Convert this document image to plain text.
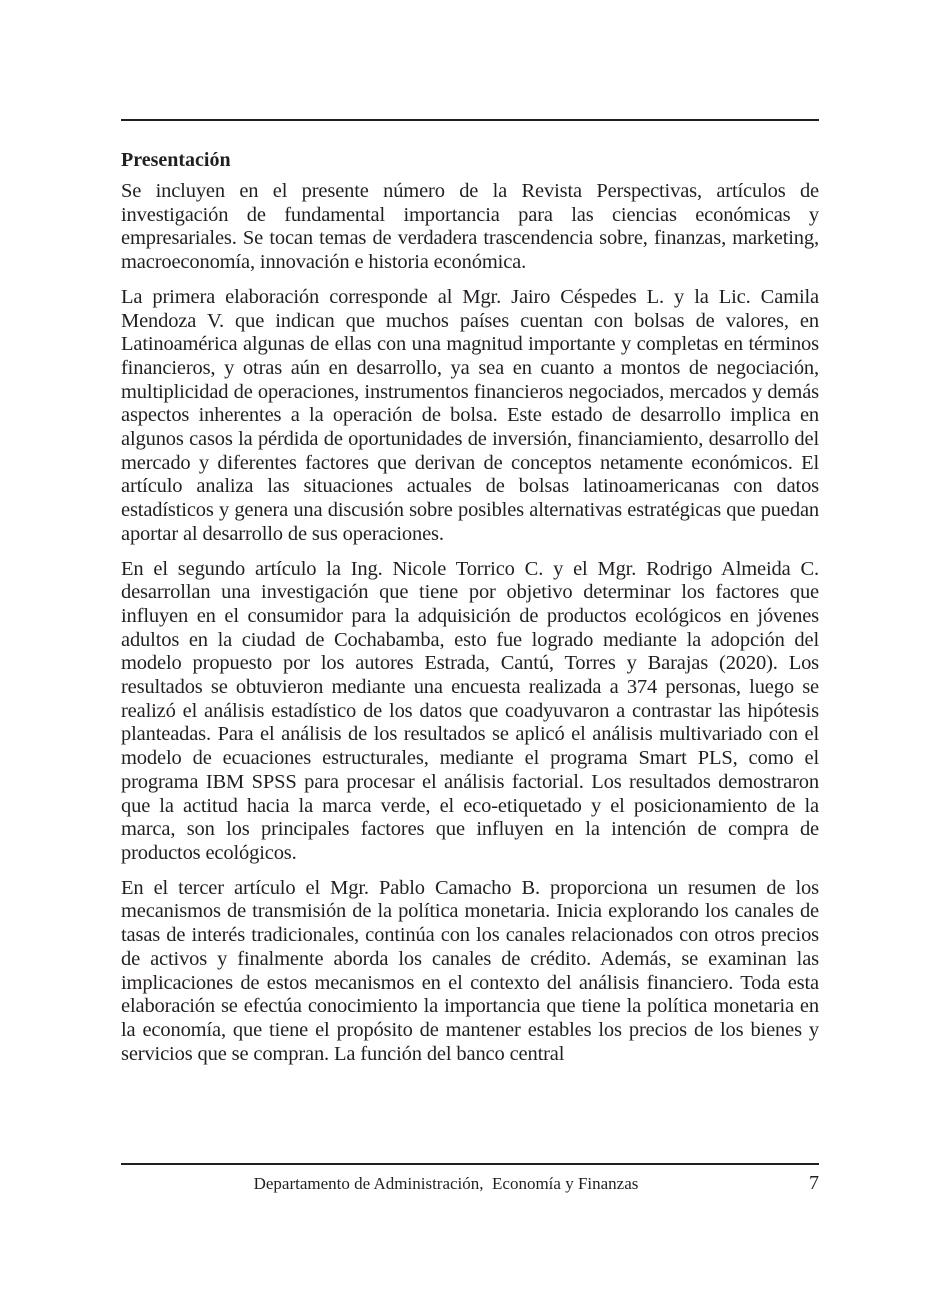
Presentación

Se incluyen en el presente número de la Revista Perspectivas, artículos de investigación de fundamental importancia para las ciencias económicas y empresariales. Se tocan temas de verdadera trascendencia sobre, finanzas, marketing, macroeconomía, innovación e historia económica.

La primera elaboración corresponde al Mgr. Jairo Céspedes L. y la Lic. Camila Mendoza V. que indican que muchos países cuentan con bolsas de valores, en Latinoamérica algunas de ellas con una magnitud importante y completas en términos financieros, y otras aún en desarrollo, ya sea en cuanto a montos de negociación, multiplicidad de operaciones, instrumentos financieros negociados, mercados y demás aspectos inherentes a la operación de bolsa. Este estado de desarrollo implica en algunos casos la pérdida de oportunidades de inversión, financiamiento, desarrollo del mercado y diferentes factores que derivan de conceptos netamente económicos. El artículo analiza las situaciones actuales de bolsas latinoamericanas con datos estadísticos y genera una discusión sobre posibles alternativas estratégicas que puedan aportar al desarrollo de sus operaciones.

En el segundo artículo la Ing. Nicole Torrico C. y el Mgr. Rodrigo Almeida C. desarrollan una investigación que tiene por objetivo determinar los factores que influyen en el consumidor para la adquisición de productos ecológicos en jóvenes adultos en la ciudad de Cochabamba, esto fue logrado mediante la adopción del modelo propuesto por los autores Estrada, Cantú, Torres y Barajas (2020). Los resultados se obtuvieron mediante una encuesta realizada a 374 personas, luego se realizó el análisis estadístico de los datos que coadyuvaron a contrastar las hipótesis planteadas. Para el análisis de los resultados se aplicó el análisis multivariado con el modelo de ecuaciones estructurales, mediante el programa Smart PLS, como el programa IBM SPSS para procesar el análisis factorial. Los resultados demostraron que la actitud hacia la marca verde, el eco-etiquetado y el posicionamiento de la marca, son los principales factores que influyen en la intención de compra de productos ecológicos.

En el tercer artículo el Mgr. Pablo Camacho B. proporciona un resumen de los mecanismos de transmisión de la política monetaria. Inicia explorando los canales de tasas de interés tradicionales, continúa con los canales relacionados con otros precios de activos y finalmente aborda los canales de crédito. Además, se examinan las implicaciones de estos mecanismos en el contexto del análisis financiero. Toda esta elaboración se efectúa conocimiento la importancia que tiene la política monetaria en la economía, que tiene el propósito de mantener estables los precios de los bienes y servicios que se compran. La función del banco central

Departamento de Administración,  Economía y Finanzas	7
